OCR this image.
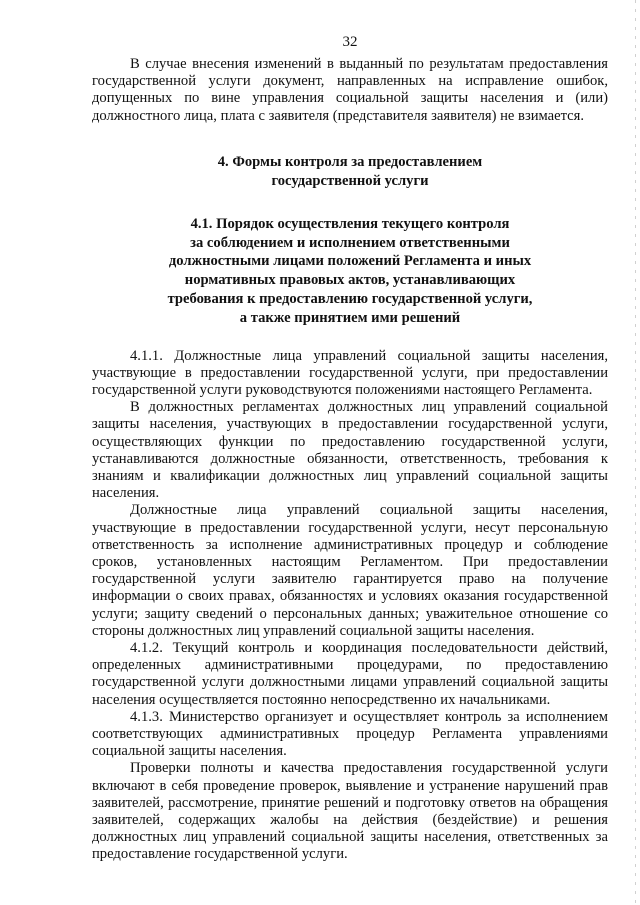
32

В случае внесения изменений в выданный по результатам предоставления государственной услуги документ, направленных на исправление ошибок, допущенных по вине управления социальной защиты населения и (или) должностного лица, плата с заявителя (представителя заявителя) не взимается.

4. Формы контроля за предоставлением
государственной услуги
4.1. Порядок осуществления текущего контроля
за соблюдением и исполнением ответственными
должностными лицами положений Регламента и иных
нормативных правовых актов, устанавливающих
требования к предоставлению государственной услуги,
а также принятием ими решений

4.1.1. Должностные лица управлений социальной защиты населения, участвующие в предоставлении государственной услуги, при предоставлении государственной услуги руководствуются положениями настоящего Регламента.

В должностных регламентах должностных лиц управлений социальной защиты населения, участвующих в предоставлении государственной услуги, осуществляющих функции по предоставлению государственной услуги, устанавливаются должностные обязанности, ответственность, требования к знаниям и квалификации должностных лиц управлений социальной защиты населения.

Должностные лица управлений социальной защиты населения, участвующие в предоставлении государственной услуги, несут персональную ответственность за исполнение административных процедур и соблюдение сроков, установленных настоящим Регламентом. При предоставлении государственной услуги заявителю гарантируется право на получение информации о своих правах, обязанностях и условиях оказания государственной услуги; защиту сведений о персональных данных; уважительное отношение со стороны должностных лиц управлений социальной защиты населения.

4.1.2. Текущий контроль и координация последовательности действий, определенных административными процедурами, по предоставлению государственной услуги должностными лицами управлений социальной защиты населения осуществляется постоянно непосредственно их начальниками.

4.1.3. Министерство организует и осуществляет контроль за исполнением соответствующих административных процедур Регламента управлениями социальной защиты населения.

Проверки полноты и качества предоставления государственной услуги включают в себя проведение проверок, выявление и устранение нарушений прав заявителей, рассмотрение, принятие решений и подготовку ответов на обращения заявителей, содержащих жалобы на действия (бездействие) и решения должностных лиц управлений социальной защиты населения, ответственных за предоставление государственной услуги.
